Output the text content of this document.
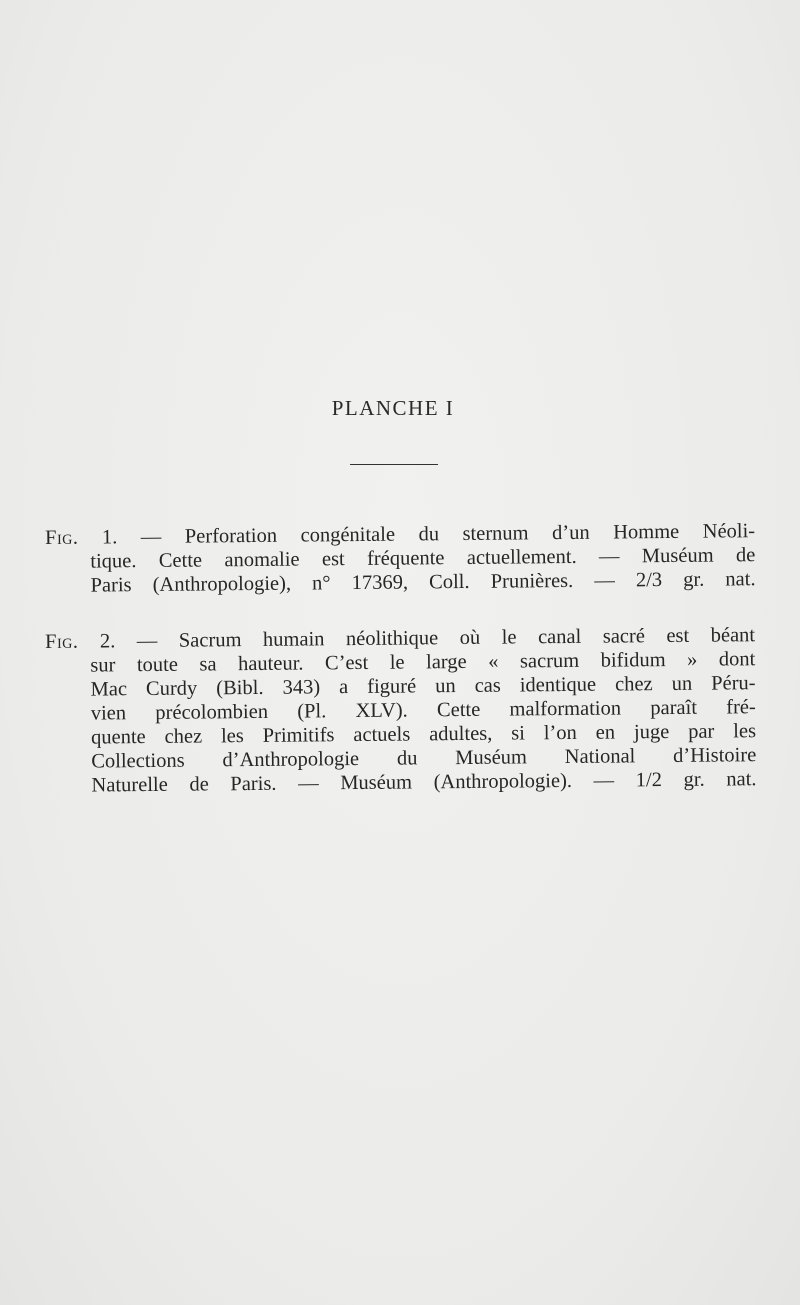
PLANCHE I
Fig. 1. — Perforation congénitale du sternum d’un Homme Néoli-
tique. Cette anomalie est fréquente actuellement. — Muséum de
Paris (Anthropologie), n° 17369, Coll. Prunières. — 2/3 gr. nat.
Fig. 2. — Sacrum humain néolithique où le canal sacré est béant
sur toute sa hauteur. C’est le large « sacrum bifidum » dont
Mac Curdy (Bibl. 343) a figuré un cas identique chez un Péru-
vien précolombien (Pl. XLV). Cette malformation paraît fré-
quente chez les Primitifs actuels adultes, si l’on en juge par les
Collections d’Anthropologie du Muséum National d’Histoire
Naturelle de Paris. — Muséum (Anthropologie). — 1/2 gr. nat.
